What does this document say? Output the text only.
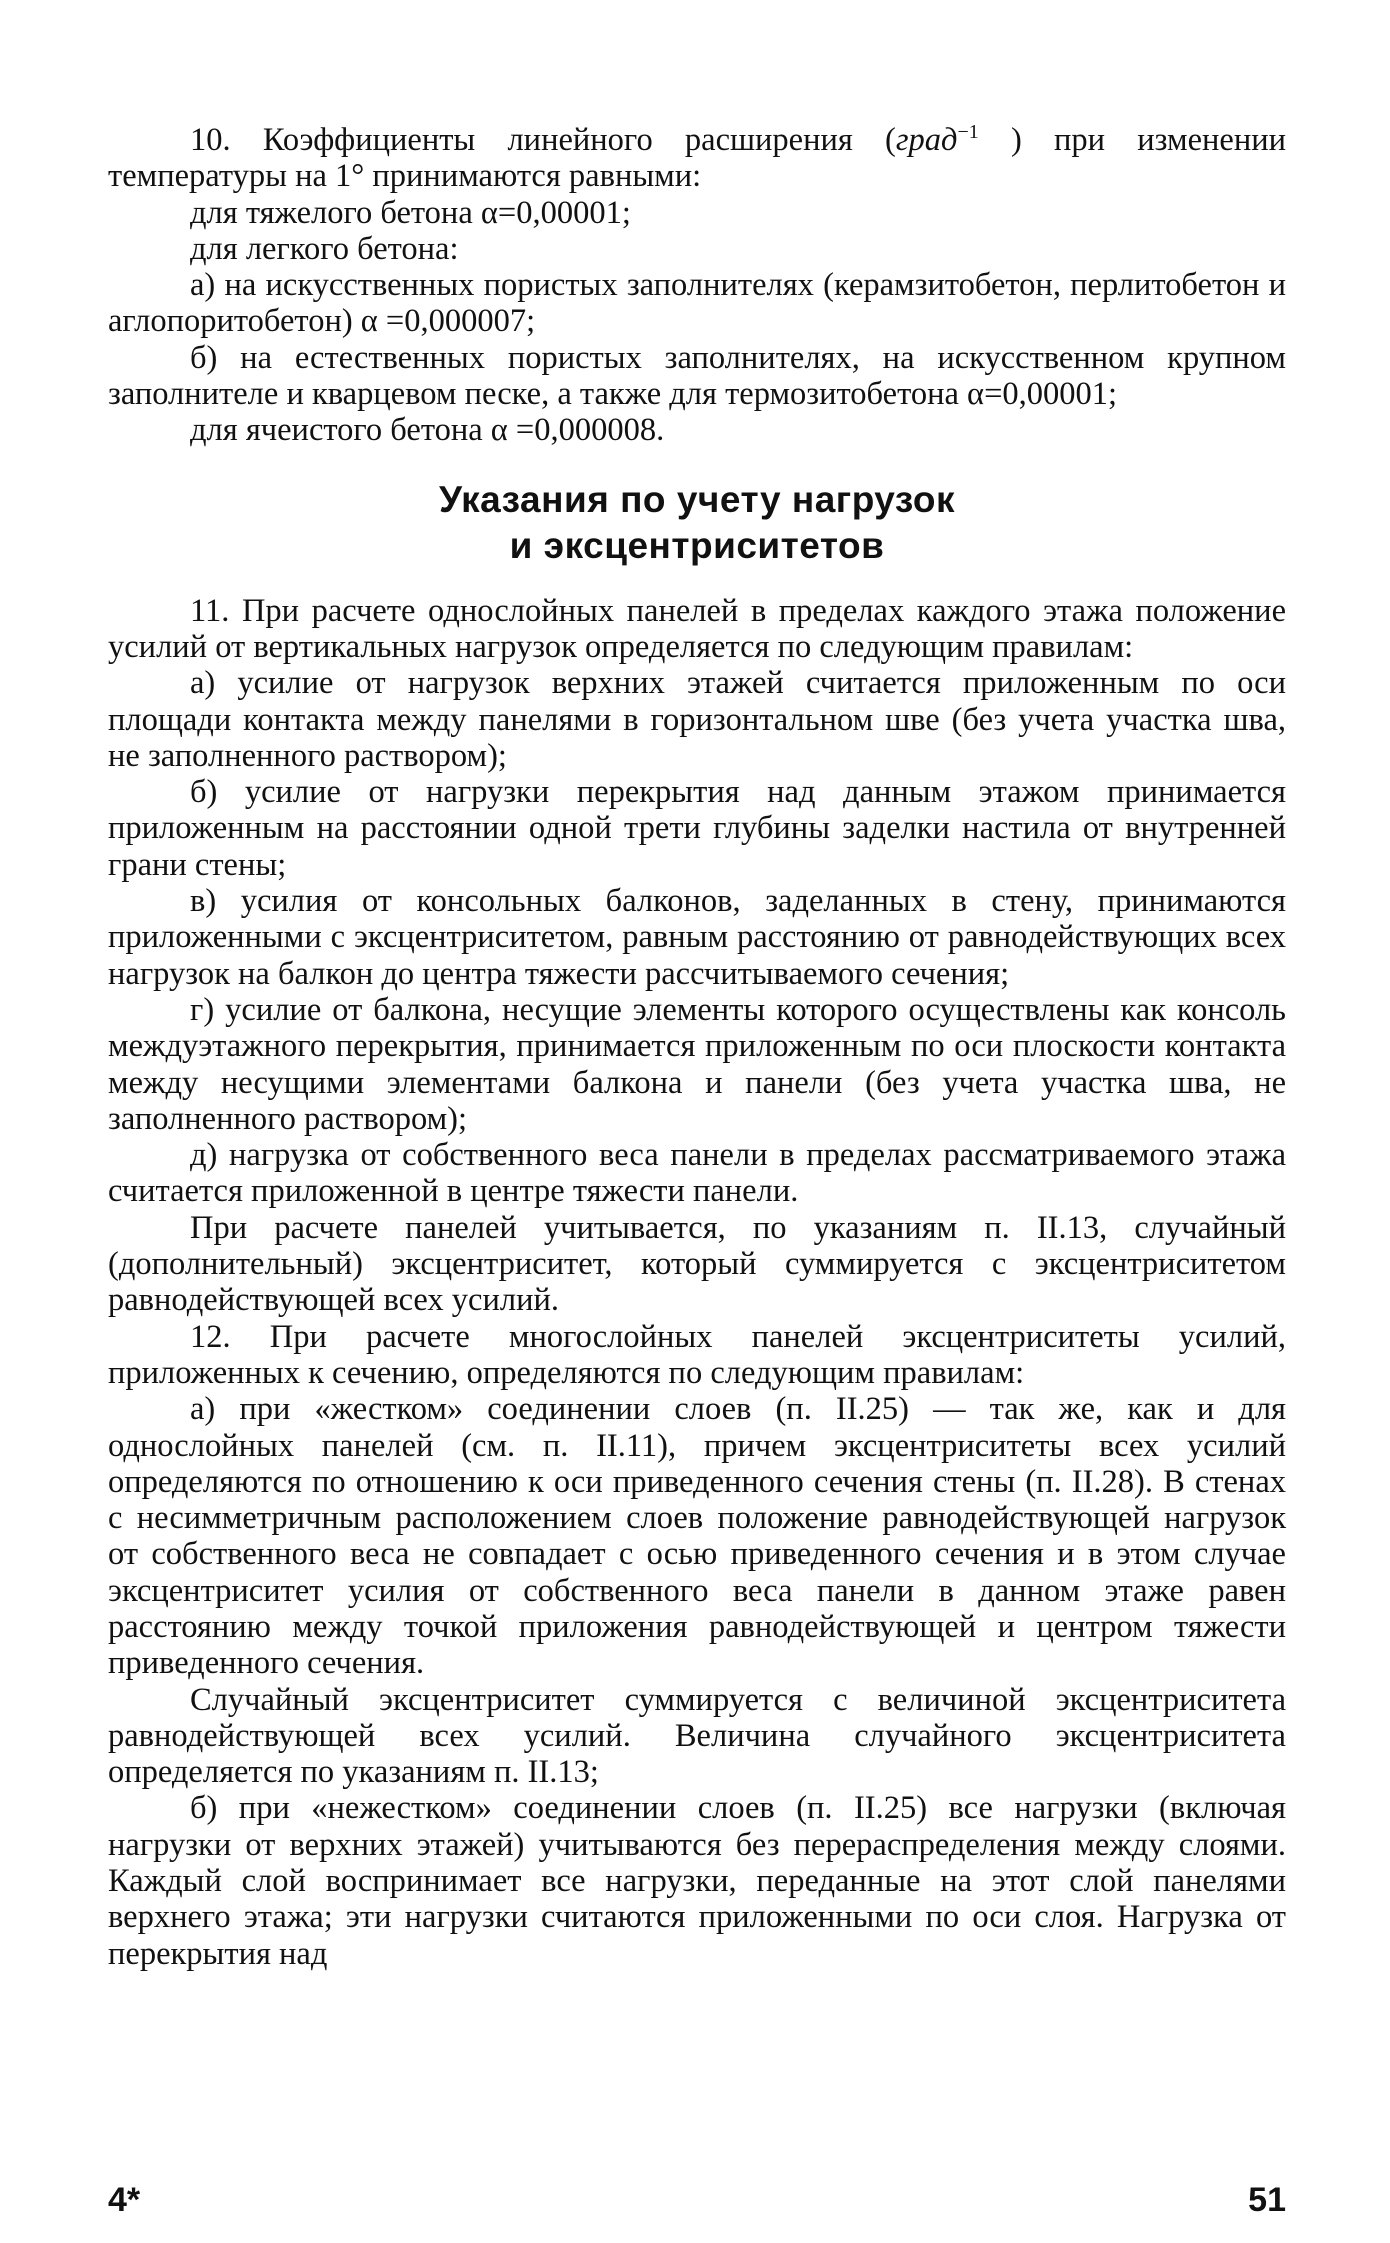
10. Коэффициенты линейного расширения (град$^{-1}$ ) при изменении температуры на 1° принимаются равными:

для тяжелого бетона α=0,00001;

для легкого бетона:

а) на искусственных пористых заполнителях (керамзитобетон, перлитобетон и аглопоритобетон) α =0,000007;

б) на естественных пористых заполнителях, на искусственном крупном заполнителе и кварцевом песке, а также для термозитобетона α=0,00001;

для ячеистого бетона α =0,000008.

Указания по учету нагрузок
и эксцентриситетов

11. При расчете однослойных панелей в пределах каждого этажа положение усилий от вертикальных нагрузок определяется по следующим правилам:

а) усилие от нагрузок верхних этажей считается приложенным по оси площади контакта между панелями в горизонтальном шве (без учета участка шва, не заполненного раствором);

б) усилие от нагрузки перекрытия над данным этажом принимается приложенным на расстоянии одной трети глубины заделки настила от внутренней грани стены;

в) усилия от консольных балконов, заделанных в стену, принимаются приложенными с эксцентриситетом, равным расстоянию от равнодействующих всех нагрузок на балкон до центра тяжести рассчитываемого сечения;

г) усилие от балкона, несущие элементы которого осуществлены как консоль междуэтажного перекрытия, принимается приложенным по оси плоскости контакта между несущими элементами балкона и панели (без учета участка шва, не заполненного раствором);

д) нагрузка от собственного веса панели в пределах рассматриваемого этажа считается приложенной в центре тяжести панели.

При расчете панелей учитывается, по указаниям п. II.13, случайный (дополнительный) эксцентриситет, который суммируется с эксцентриситетом равнодействующей всех усилий.

12. При расчете многослойных панелей эксцентриситеты усилий, приложенных к сечению, определяются по следующим правилам:

а) при «жестком» соединении слоев (п. II.25) — так же, как и для однослойных панелей (см. п. II.11), причем эксцентриситеты всех усилий определяются по отношению к оси приведенного сечения стены (п. II.28). В стенах с несимметричным расположением слоев положение равнодействующей нагрузок от собственного веса не совпадает с осью приведенного сечения и в этом случае эксцентриситет усилия от собственного веса панели в данном этаже равен расстоянию между точкой приложения равнодействующей и центром тяжести приведенного сечения.

Случайный эксцентриситет суммируется с величиной эксцентриситета равнодействующей всех усилий. Величина случайного эксцентриситета определяется по указаниям п. II.13;

б) при «нежестком» соединении слоев (п. II.25) все нагрузки (включая нагрузки от верхних этажей) учитываются без перераспределения между слоями. Каждый слой воспринимает все нагрузки, переданные на этот слой панелями верхнего этажа; эти нагрузки считаются приложенными по оси слоя. Нагрузка от перекрытия над

4*	51
